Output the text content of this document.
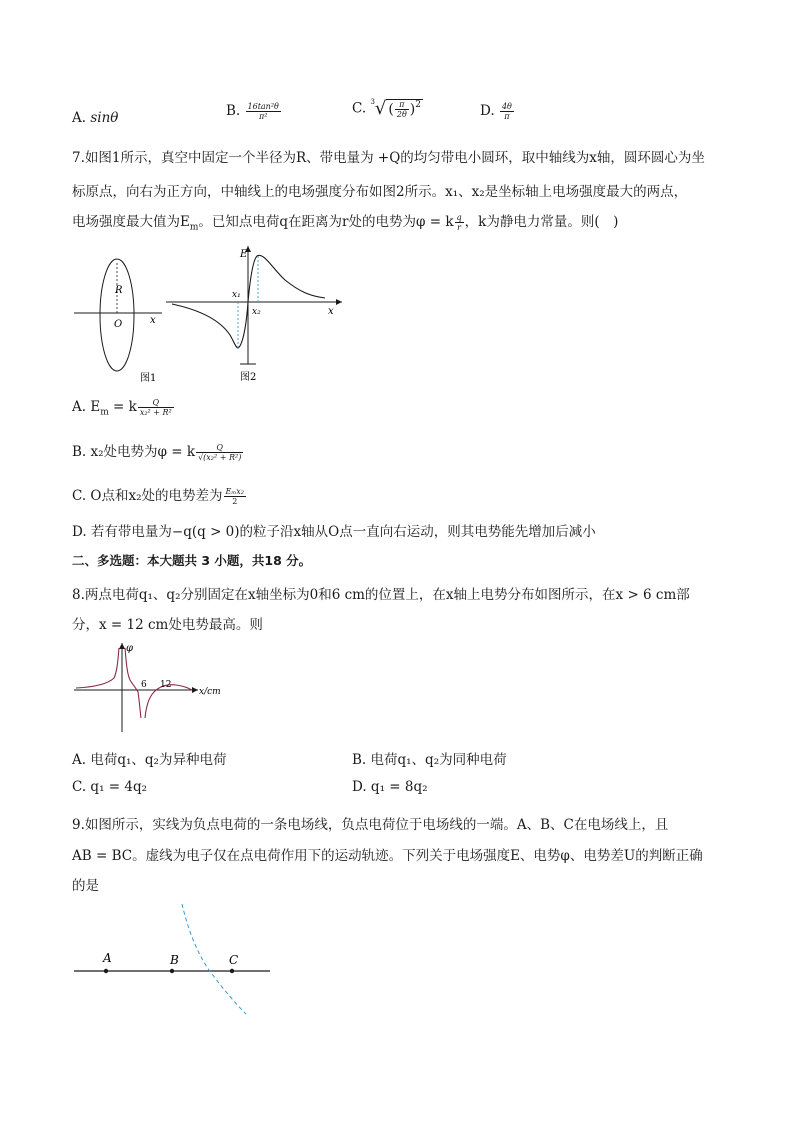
A. sinθ	B. $\frac{\text{16tan²θ}}{\text{π²}}$	C. $^3$√ ( $\frac{\pi}{2\theta} )^2$	D. $\frac{4\theta}{\pi}$
7.如图1所示，真空中固定一个半径为R、带电量为 +Q的均匀带电小圆环，取中轴线为x轴，圆环圆心为坐
标原点，向右为正方向，中轴线上的电场强度分布如图2所示。x₁、x₂是坐标轴上电场强度最大的两点，
电场强度最大值为$E_m$。已知点电荷q在距离为r处的电势为φ = k $\frac{q}{r}$ ，k为静电力常量。则(　)
R
O	x
图1
E
x₁
x₂	x
图2
A. $E_m = k \frac{Q}{\text{x₂² + R²}}$
B. x₂处电势为φ = k $\frac{Q}{\text{√(x₂² + R²)}}$
C. O点和x₂处的电势差为 $\frac{\text{Eₘx₂}}{2}$
D. 若有带电量为−q(q > 0)的粒子沿x轴从O点一直向右运动，则其电势能先增加后减小
二、多选题：本大题共 3 小题，共18 分。
8.两点电荷q₁、q₂分别固定在x轴坐标为0和6 cm的位置上，在x轴上电势分布如图所示，在x > 6 cm部
分，x = 12 cm处电势最高。则
φ
6 12
x/cm
A. 电荷q₁、q₂为异种电荷	B. 电荷q₁、q₂为同种电荷
C. q₁ = 4q₂	D. q₁ = 8q₂
9.如图所示，实线为负点电荷的一条电场线，负点电荷位于电场线的一端。A、B、C在电场线上，且
AB = BC。虚线为电子仅在点电荷作用下的运动轨迹。下列关于电场强度E、电势φ、电势差U的判断正确
的是
A	B	C
